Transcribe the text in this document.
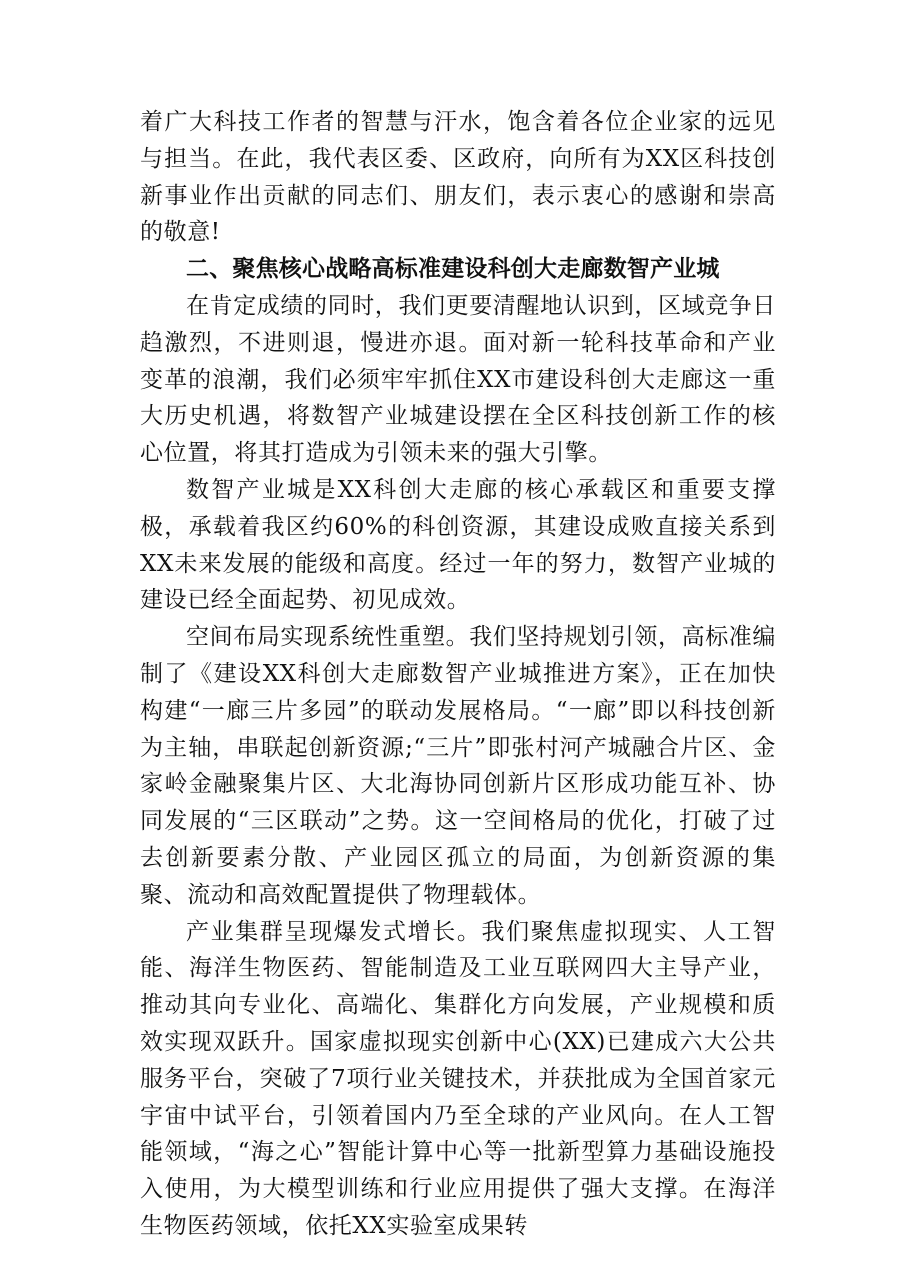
着广大科技工作者的智慧与汗水，饱含着各位企业家的远见与担当。在此，我代表区委、区政府，向所有为XX区科技创新事业作出贡献的同志们、朋友们，表示衷心的感谢和崇高的敬意!

二、聚焦核心战略高标准建设科创大走廊数智产业城

在肯定成绩的同时，我们更要清醒地认识到，区域竞争日趋激烈，不进则退，慢进亦退。面对新一轮科技革命和产业变革的浪潮，我们必须牢牢抓住XX市建设科创大走廊这一重大历史机遇，将数智产业城建设摆在全区科技创新工作的核心位置，将其打造成为引领未来的强大引擎。

数智产业城是XX科创大走廊的核心承载区和重要支撑极，承载着我区约60%的科创资源，其建设成败直接关系到XX未来发展的能级和高度。经过一年的努力，数智产业城的建设已经全面起势、初见成效。

空间布局实现系统性重塑。我们坚持规划引领，高标准编制了《建设XX科创大走廊数智产业城推进方案》，正在加快构建“一廊三片多园”的联动发展格局。“一廊”即以科技创新为主轴，串联起创新资源;“三片”即张村河产城融合片区、金家岭金融聚集片区、大北海协同创新片区形成功能互补、协同发展的“三区联动”之势。这一空间格局的优化，打破了过去创新要素分散、产业园区孤立的局面，为创新资源的集聚、流动和高效配置提供了物理载体。

产业集群呈现爆发式增长。我们聚焦虚拟现实、人工智能、海洋生物医药、智能制造及工业互联网四大主导产业，推动其向专业化、高端化、集群化方向发展，产业规模和质效实现双跃升。国家虚拟现实创新中心(XX)已建成六大公共服务平台，突破了7项行业关键技术，并获批成为全国首家元宇宙中试平台，引领着国内乃至全球的产业风向。在人工智能领域，“海之心”智能计算中心等一批新型算力基础设施投入使用，为大模型训练和行业应用提供了强大支撑。在海洋生物医药领域，依托XX实验室成果转
